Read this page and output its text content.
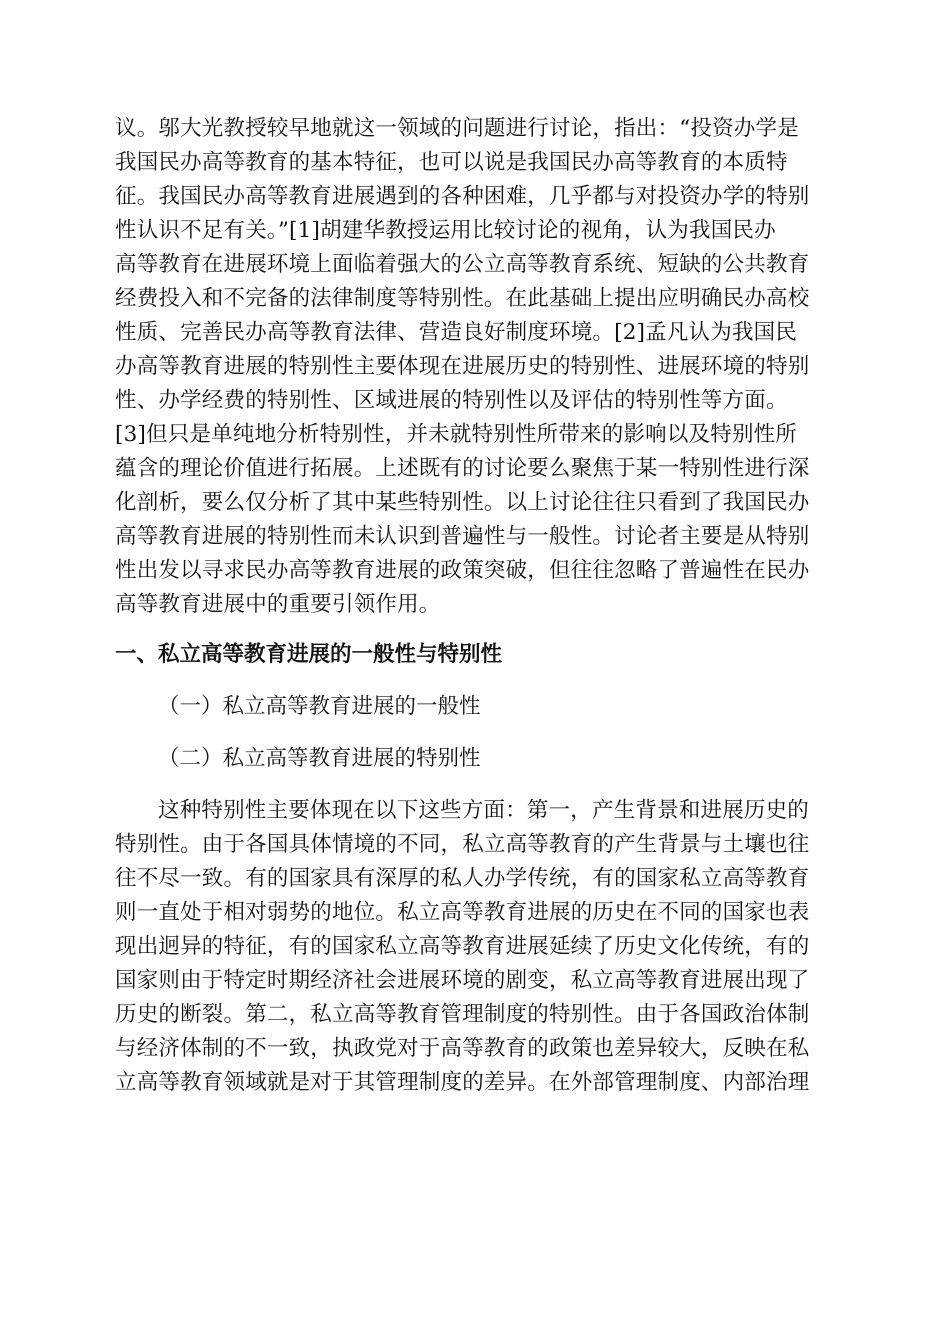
议。邬大光教授较早地就这一领域的问题进行讨论，指出：“投资办学是
我国民办高等教育的基本特征，也可以说是我国民办高等教育的本质特
征。我国民办高等教育进展遇到的各种困难，几乎都与对投资办学的特别
性认识不足有关。”[1]胡建华教授运用比较讨论的视角，认为我国民办
高等教育在进展环境上面临着强大的公立高等教育系统、短缺的公共教育
经费投入和不完备的法律制度等特别性。在此基础上提出应明确民办高校
性质、完善民办高等教育法律、营造良好制度环境。[2]孟凡认为我国民
办高等教育进展的特别性主要体现在进展历史的特别性、进展环境的特别
性、办学经费的特别性、区域进展的特别性以及评估的特别性等方面。
[3]但只是单纯地分析特别性，并未就特别性所带来的影响以及特别性所
蕴含的理论价值进行拓展。上述既有的讨论要么聚焦于某一特别性进行深
化剖析，要么仅分析了其中某些特别性。以上讨论往往只看到了我国民办
高等教育进展的特别性而未认识到普遍性与一般性。讨论者主要是从特别
性出发以寻求民办高等教育进展的政策突破，但往往忽略了普遍性在民办
高等教育进展中的重要引领作用。
一、私立高等教育进展的一般性与特别性
（一）私立高等教育进展的一般性
（二）私立高等教育进展的特别性
这种特别性主要体现在以下这些方面：第一，产生背景和进展历史的
特别性。由于各国具体情境的不同，私立高等教育的产生背景与土壤也往
往不尽一致。有的国家具有深厚的私人办学传统，有的国家私立高等教育
则一直处于相对弱势的地位。私立高等教育进展的历史在不同的国家也表
现出迥异的特征，有的国家私立高等教育进展延续了历史文化传统，有的
国家则由于特定时期经济社会进展环境的剧变，私立高等教育进展出现了
历史的断裂。第二，私立高等教育管理制度的特别性。由于各国政治体制
与经济体制的不一致，执政党对于高等教育的政策也差异较大，反映在私
立高等教育领域就是对于其管理制度的差异。在外部管理制度、内部治理
